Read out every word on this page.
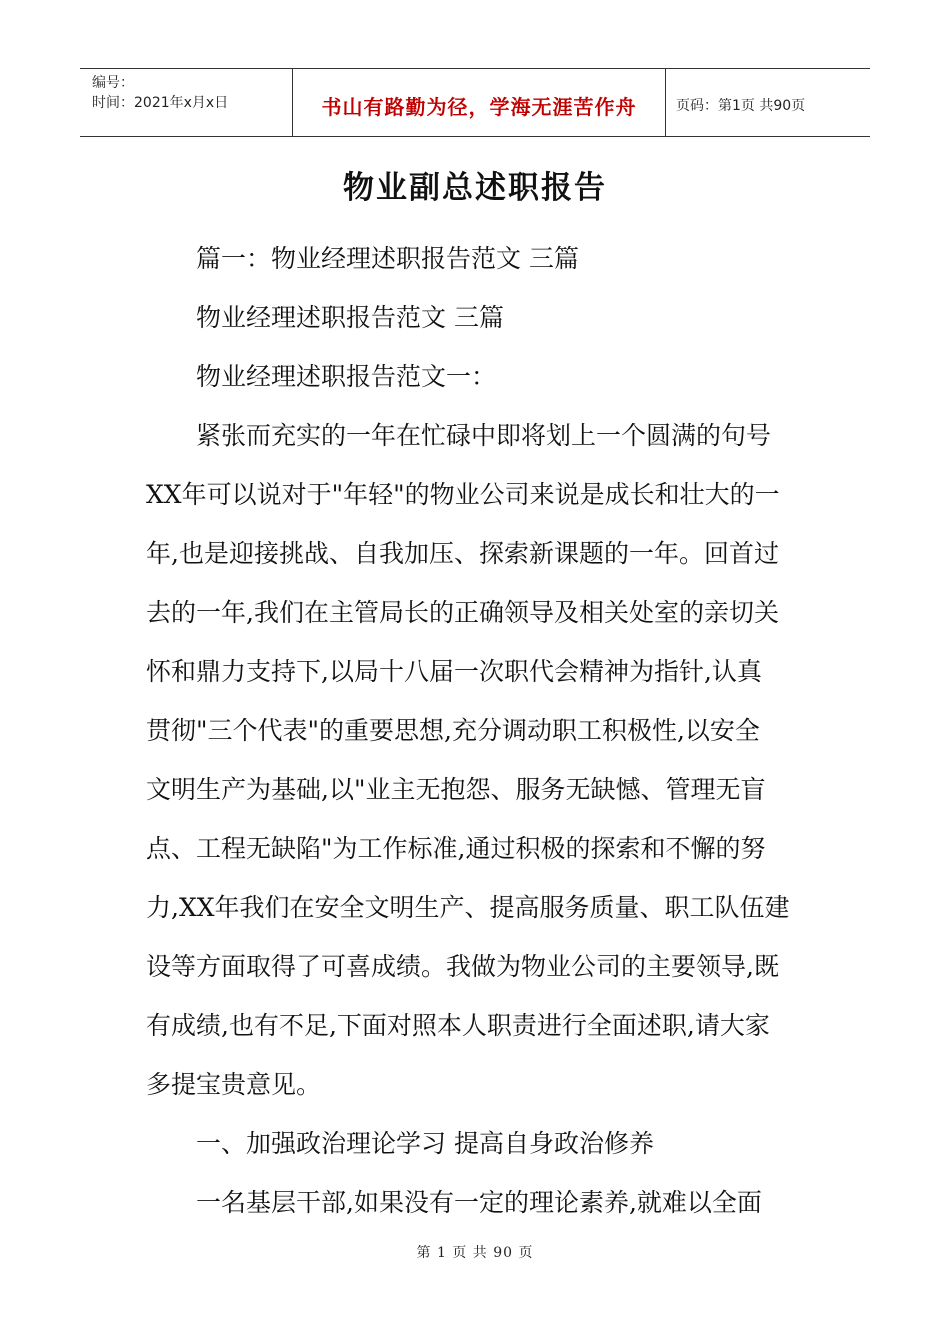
编号：
时间：2021年x月x日	书山有路勤为径，学海无涯苦作舟	页码：第1页 共90页
物业副总述职报告
篇一：物业经理述职报告范文 三篇
物业经理述职报告范文 三篇
物业经理述职报告范文一：
紧张而充实的一年在忙碌中即将划上一个圆满的句号
XX年可以说对于"年轻"的物业公司来说是成长和壮大的一
年,也是迎接挑战、自我加压、探索新课题的一年。回首过
去的一年,我们在主管局长的正确领导及相关处室的亲切关
怀和鼎力支持下,以局十八届一次职代会精神为指针,认真
贯彻"三个代表"的重要思想,充分调动职工积极性,以安全
文明生产为基础,以"业主无抱怨、服务无缺憾、管理无盲
点、工程无缺陷"为工作标准,通过积极的探索和不懈的努
力,XX年我们在安全文明生产、提高服务质量、职工队伍建
设等方面取得了可喜成绩。我做为物业公司的主要领导,既
有成绩,也有不足,下面对照本人职责进行全面述职,请大家
多提宝贵意见。
一、加强政治理论学习 提高自身政治修养
一名基层干部,如果没有一定的理论素养,就难以全面
第 1 页 共 90 页
